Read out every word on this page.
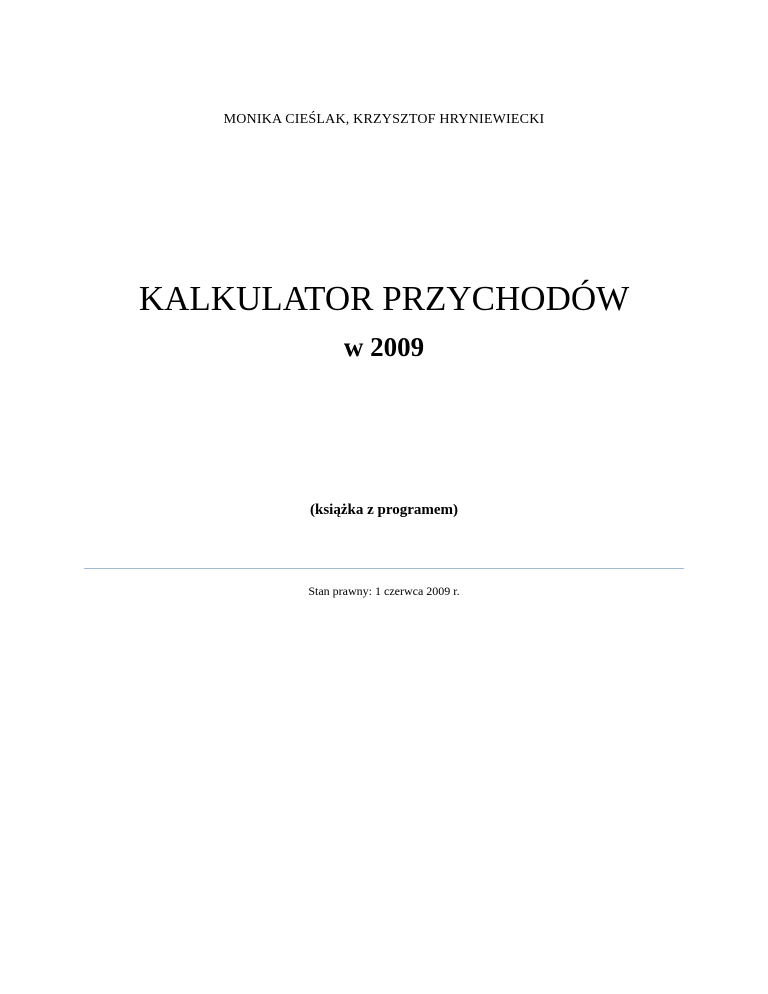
MONIKA CIEŚLAK, KRZYSZTOF HRYNIEWIECKI
KALKULATOR PRZYCHODÓW
w 2009
(książka z programem)
Stan prawny: 1 czerwca 2009 r.
